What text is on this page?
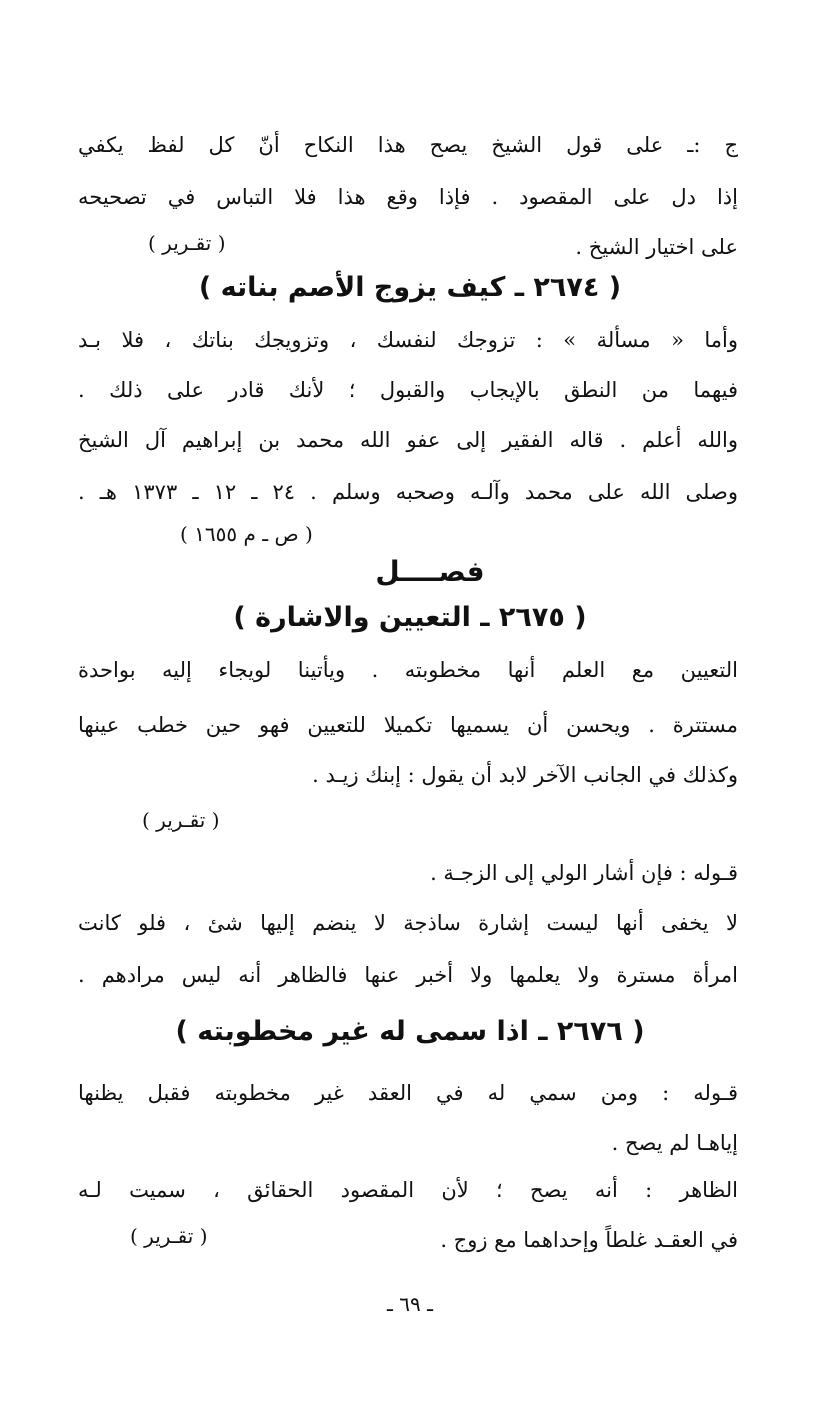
ج :ـ على قول الشيخ يصح هذا النكاح أنّ كل لفظ يكفي
إذا دل على المقصود . فإذا وقع هذا فلا التباس في تصحيحه
على اختيار الشيخ .
( تقـرير )
( ٢٦٧٤ ـ كيف يزوج الأصم بناته )
وأما « مسألة » : تزوجك لنفسك ، وتزويجك بناتك ، فلا بـد
فيهما من النطق بالإيجاب والقبول ؛ لأنك قادر على ذلك .
والله أعلم . قاله الفقير إلى عفو الله محمد بن إبراهيم آل الشيخ
وصلى الله على محمد وآلـه وصحبه وسلم . ٢٤ ـ ١٢ ـ ١٣٧٣ هـ .
( ص ـ م ١٦٥٥ )
فصــــل
( ٢٦٧٥ ـ التعيين والاشارة )
التعيين مع العلم أنها مخطوبته . ويأتينا لويجاء إليه بواحدة
مستترة . ويحسن أن يسميها تكميلا للتعيين فهو حين خطب عينها
وكذلك في الجانب الآخر لابد أن يقول : إبنك زيـد .
( تقـرير )
قـوله : فإن أشار الولي إلى الزجـة .
لا يخفى أنها ليست إشارة ساذجة لا ينضم إليها شئ ، فلو كانت
امرأة مسترة ولا يعلمها ولا أخبر عنها فالظاهر أنه ليس مرادهم .
( ٢٦٧٦ ـ اذا سمى له غير مخطوبته )
قـوله : ومن سمي له في العقد غير مخطوبته فقبل يظنها
إياهـا لم يصح .
الظاهر : أنه يصح ؛ لأن المقصود الحقائق ، سميت لـه
في العقـد غلطاً وإحداهما مع زوج .
( تقـرير )
ـ ٦٩ ـ
